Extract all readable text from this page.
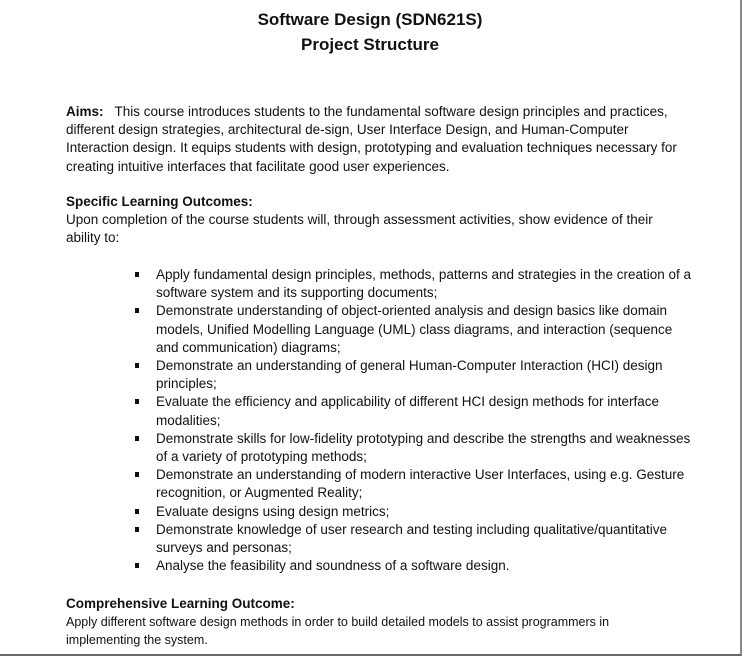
Software Design (SDN621S)
Project Structure
Aims: This course introduces students to the fundamental software design principles and practices, different design strategies, architectural de-sign, User Interface Design, and Human-Computer Interaction design. It equips students with design, prototyping and evaluation techniques necessary for creating intuitive interfaces that facilitate good user experiences.
Specific Learning Outcomes:
Upon completion of the course students will, through assessment activities, show evidence of their ability to:
Apply fundamental design principles, methods, patterns and strategies in the creation of a software system and its supporting documents;
Demonstrate understanding of object-oriented analysis and design basics like domain models, Unified Modelling Language (UML) class diagrams, and interaction (sequence and communication) diagrams;
Demonstrate an understanding of general Human-Computer Interaction (HCI) design principles;
Evaluate the efficiency and applicability of different HCI design methods for interface modalities;
Demonstrate skills for low-fidelity prototyping and describe the strengths and weaknesses of a variety of prototyping methods;
Demonstrate an understanding of modern interactive User Interfaces, using e.g. Gesture recognition, or Augmented Reality;
Evaluate designs using design metrics;
Demonstrate knowledge of user research and testing including qualitative/quantitative surveys and personas;
Analyse the feasibility and soundness of a software design.
Comprehensive Learning Outcome:
Apply different software design methods in order to build detailed models to assist programmers in implementing the system.
